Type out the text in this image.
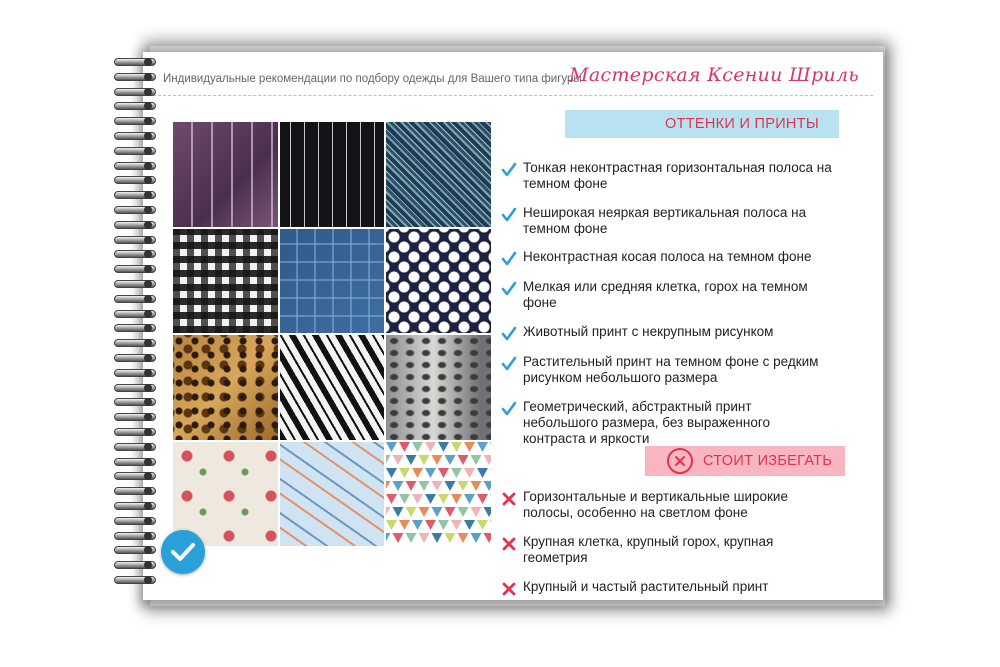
Индивидуальные рекомендации по подбору одежды для Вашего типа фигуры
Мастерская Ксении Шриль
ОТТЕНКИ И ПРИНТЫ
Тонкая неконтрастная горизонтальная полоса на темном фоне
Неширокая неяркая вертикальная полоса на темном фоне
Неконтрастная косая полоса на темном фоне
Мелкая или средняя клетка, горох на темном фоне
Животный принт с некрупным рисунком
Растительный принт на темном фоне с редким рисунком небольшого размера
Геометрический, абстрактный принт небольшого размера, без выраженного контраста и яркости
СТОИТ ИЗБЕГАТЬ
Горизонтальные и вертикальные широкие полосы, особенно на светлом фоне
Крупная клетка, крупный горох, крупная геометрия
Крупный и частый растительный принт
